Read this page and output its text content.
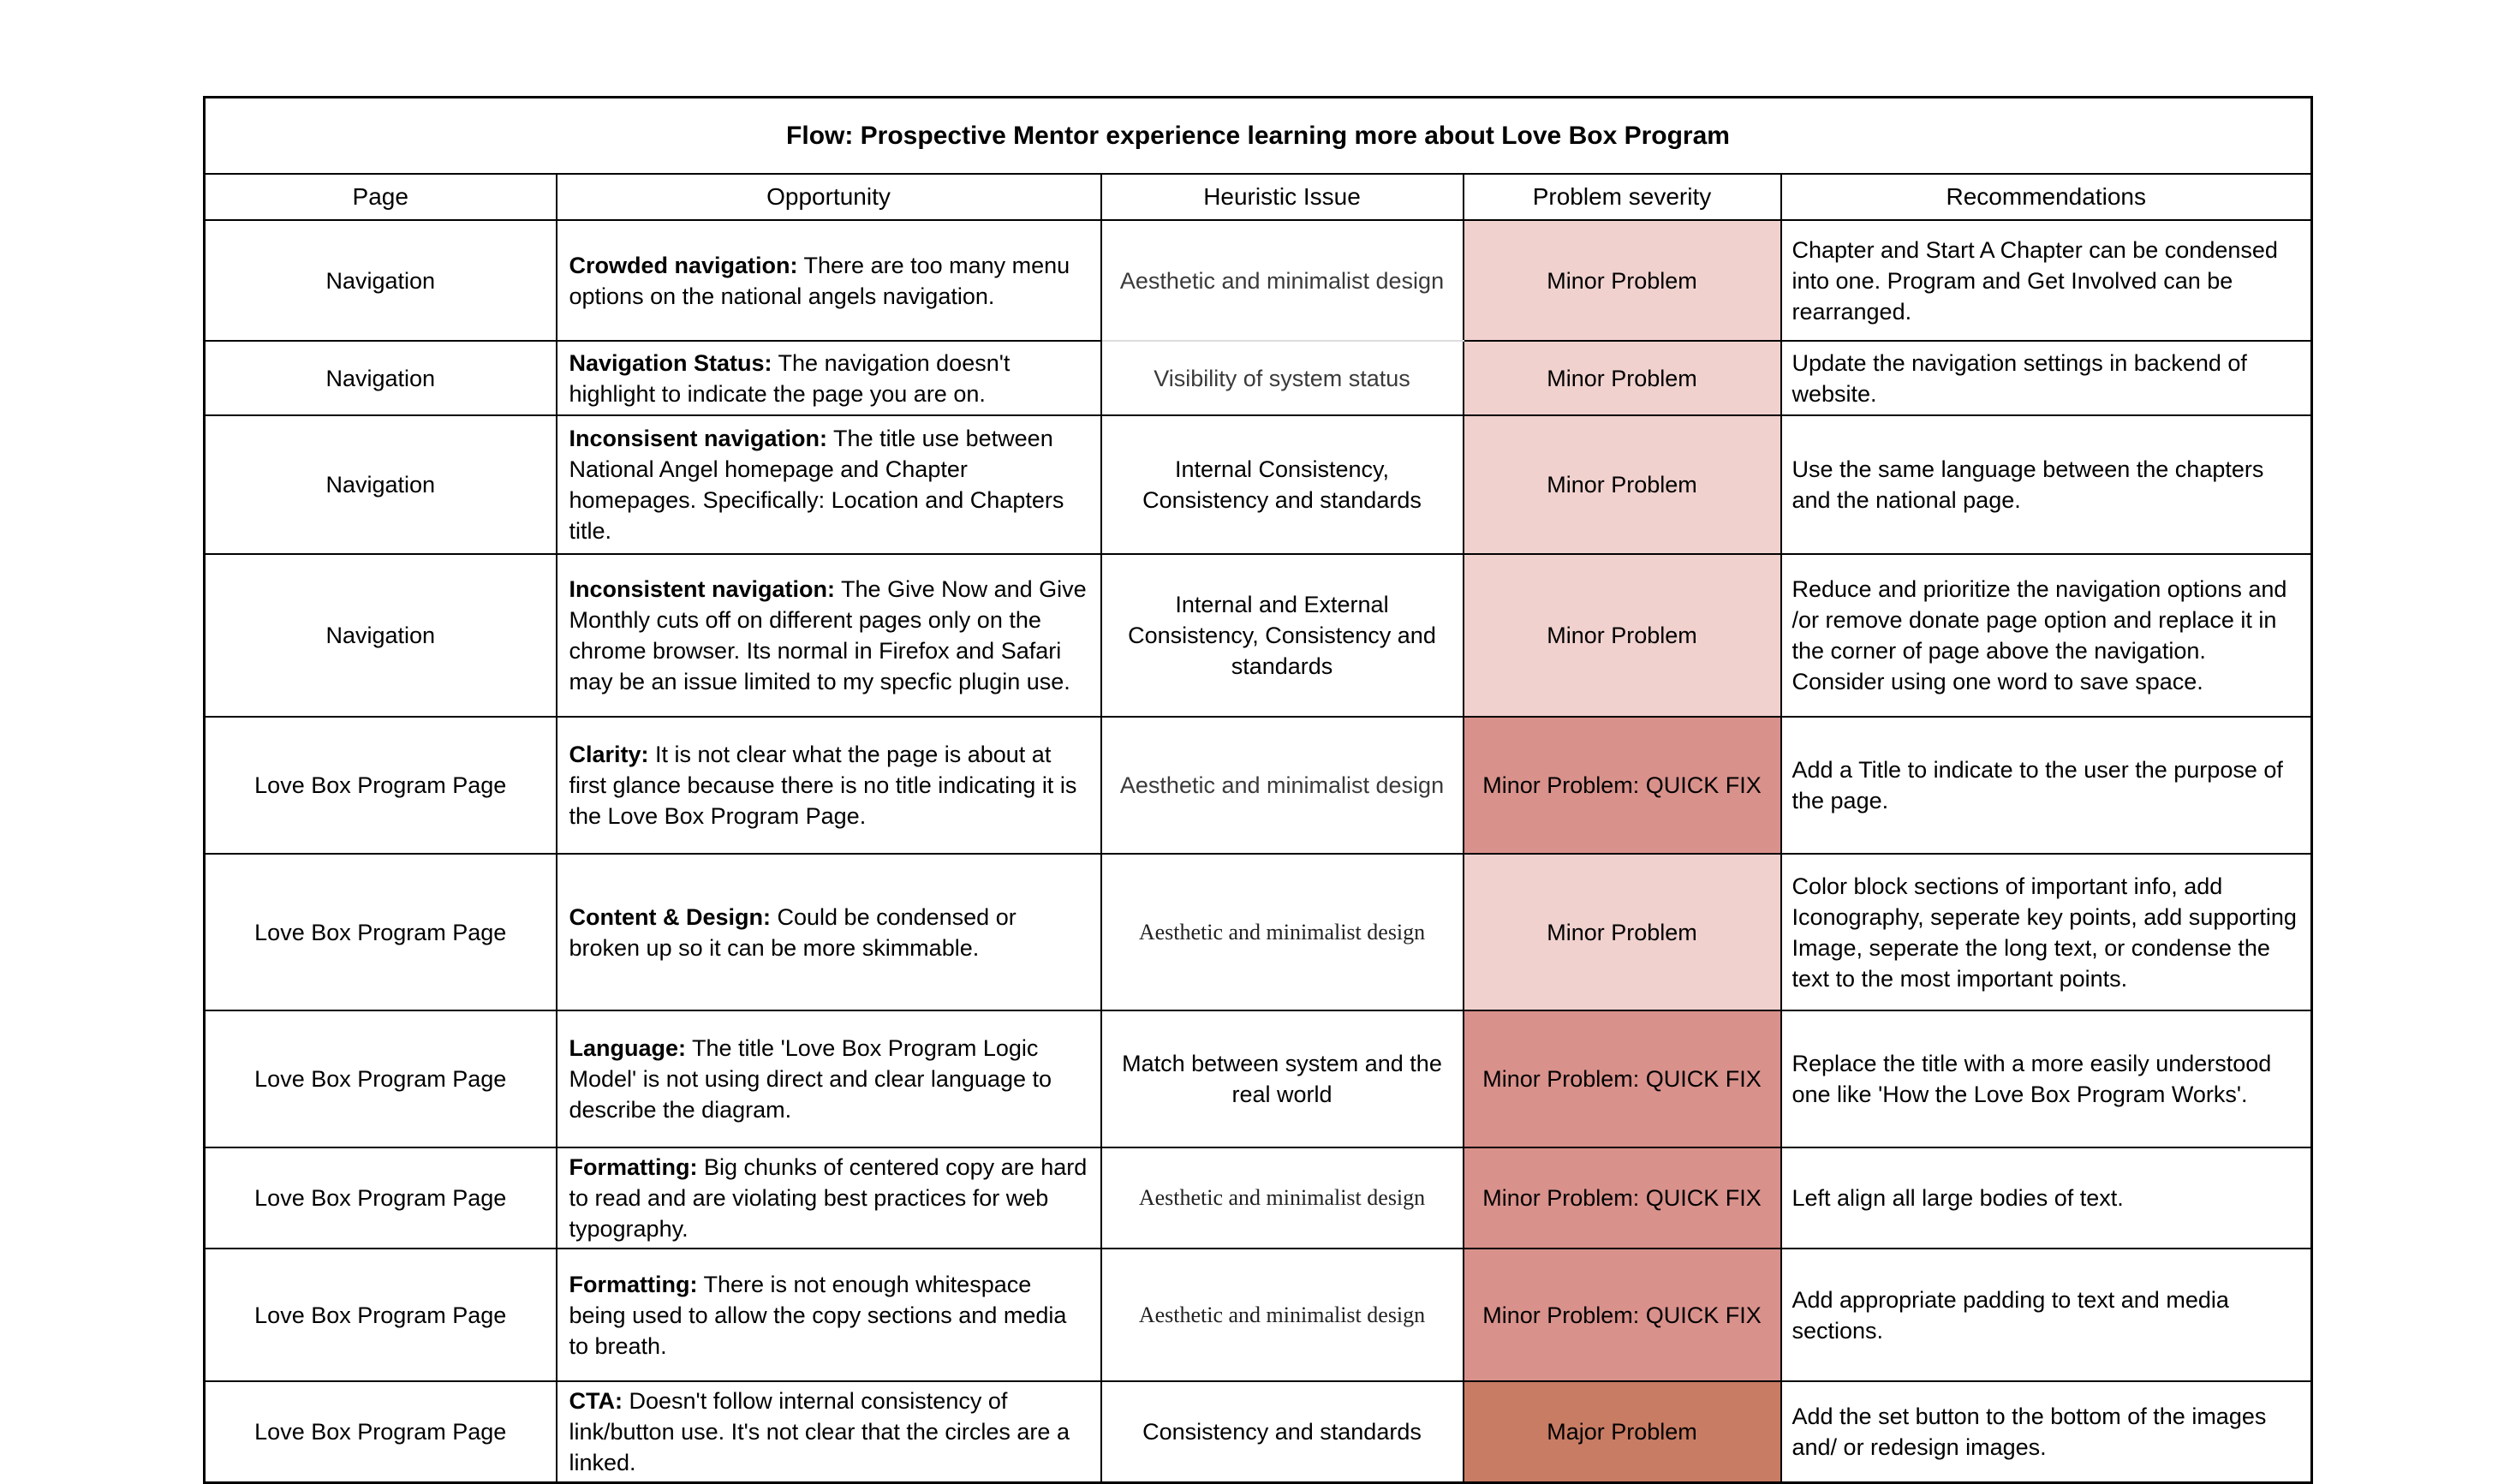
Flow: Prospective Mentor experience learning more about Love Box Program				
Page	Opportunity	Heuristic Issue	Problem severity	Recommendations
Navigation	Crowded navigation: There are too many menu options on the national angels navigation.	Aesthetic and minimalist design	Minor Problem	Chapter and Start A Chapter can be condensed into one. Program and Get Involved can be rearranged.
Navigation	Navigation Status: The navigation doesn't highlight to indicate the page you are on.	Visibility of system status	Minor Problem	Update the navigation settings in backend of website.
Navigation	Inconsisent navigation: The title use between National Angel homepage and Chapter homepages. Specifically: Location and Chapters title.	Internal Consistency, Consistency and standards	Minor Problem	Use the same language between the chapters and the national page.
Navigation	Inconsistent navigation: The Give Now and Give Monthly cuts off on different pages only on the chrome browser. Its normal in Firefox and Safari may be an issue limited to my specfic plugin use.	Internal and External Consistency, Consistency and standards	Minor Problem	Reduce and prioritize the navigation options and /or remove donate page option and replace it in the corner of page above the navigation. Consider using one word to save space.
Love Box Program Page	Clarity: It is not clear what the page is about at first glance because there is no title indicating it is the Love Box Program Page.	Aesthetic and minimalist design	Minor Problem: QUICK FIX	Add a Title to indicate to the user the purpose of the page.
Love Box Program Page	Content & Design: Could be condensed or broken up so it can be more skimmable.	Aesthetic and minimalist design	Minor Problem	Color block sections of important info, add Iconography, seperate key points, add supporting Image, seperate the long text, or condense the text to the most important points.
Love Box Program Page	Language: The title 'Love Box Program Logic Model' is not using direct and clear language to describe the diagram.	Match between system and the real world	Minor Problem: QUICK FIX	Replace the title with a more easily understood one like 'How the Love Box Program Works'.
Love Box Program Page	Formatting: Big chunks of centered copy are hard to read and are violating best practices for web typography.	Aesthetic and minimalist design	Minor Problem: QUICK FIX	Left align all large bodies of text.
Love Box Program Page	Formatting: There is not enough whitespace being used to allow the copy sections and media to breath.	Aesthetic and minimalist design	Minor Problem: QUICK FIX	Add appropriate padding to text and media sections.
Love Box Program Page	CTA: Doesn't follow internal consistency of link/button use. It's not clear that the circles are a linked.	Consistency and standards	Major Problem	Add the set button to the bottom of the images and/ or redesign images.
